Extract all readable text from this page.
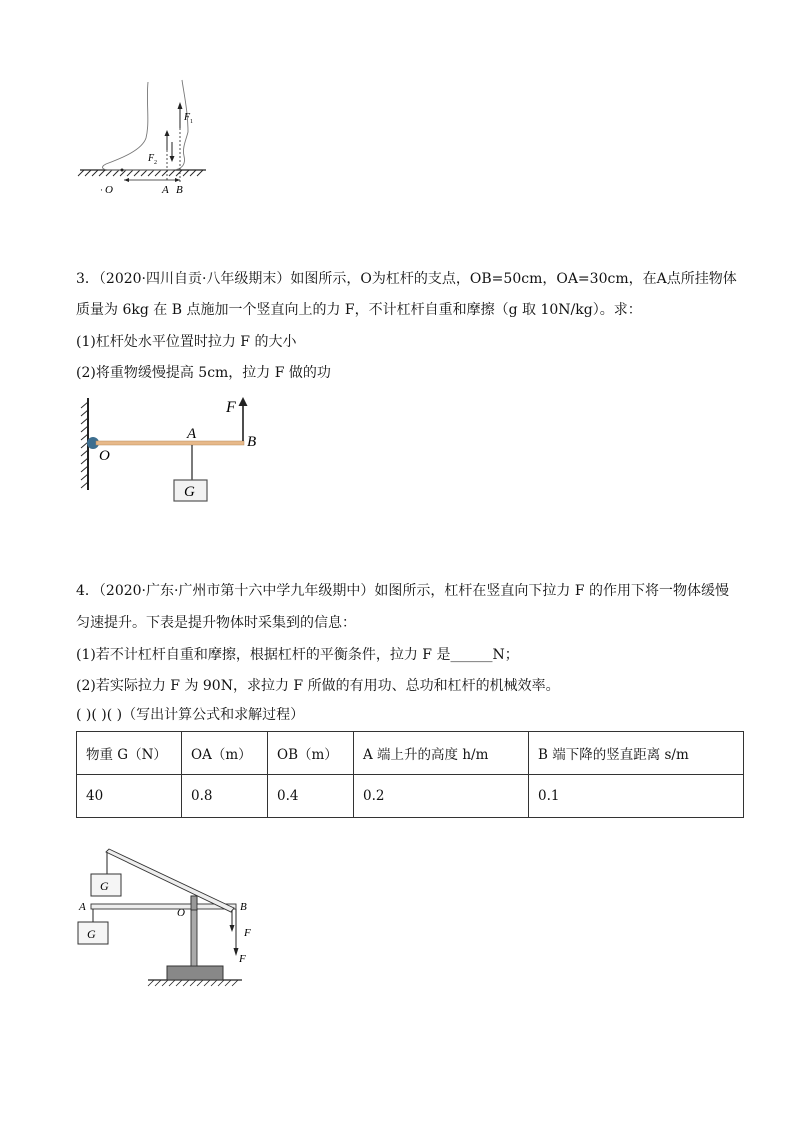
F 1
F 2
· O	A B
3．（2020·四川自贡·八年级期末）如图所示，O为杠杆的支点，OB=50cm，OA=30cm，在A点所挂物体
质量为 6kg 在 B 点施加一个竖直向上的力 F，不计杠杆自重和摩擦（g 取 10N/kg）。求：
(1)杠杆处水平位置时拉力 F 的大小
(2)将重物缓慢提高 5cm，拉力 F 做的功
G
F
A	B
O
4．（2020·广东·广州市第十六中学九年级期中）如图所示，杠杆在竖直向下拉力 F 的作用下将一物体缓慢
匀速提升。下表是提升物体时采集到的信息：
(1)若不计杠杆自重和摩擦，根据杠杆的平衡条件，拉力 F 是______N；
(2)若实际拉力 F 为 90N，求拉力 F 所做的有用功、总功和杠杆的机械效率。
( )( )( )（写出计算公式和求解过程）
物重 G（N）	OA（m）	OB（m）	A 端上升的高度 h/m	B 端下降的竖直距离 s/m
40	0.8	0.4	0.2	0.1
G
G
A	O	B
F
F
